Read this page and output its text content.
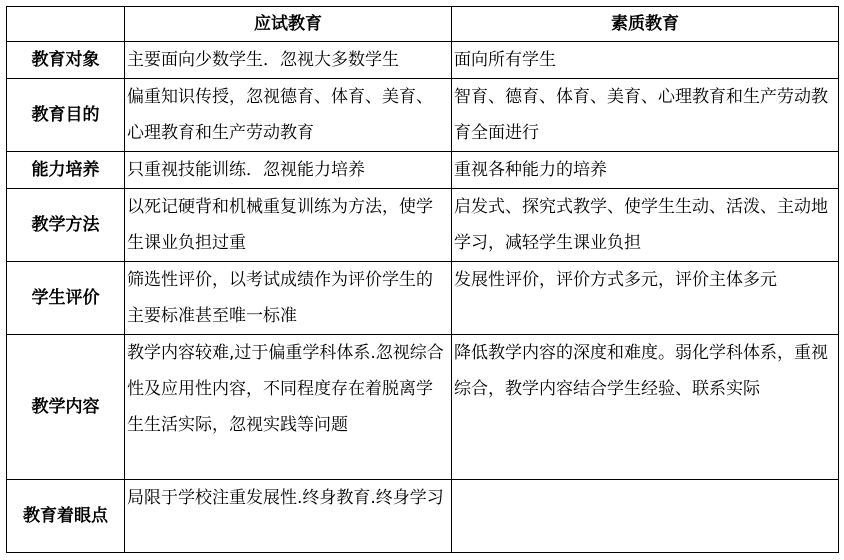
	应试教育	素质教育
教育对象	主要面向少数学生．忽视大多数学生	面向所有学生
教育目的	偏重知识传授，忽视德育、体育、美育、心理教育和生产劳动教育	智育、德育、体育、美育、心理教育和生产劳动教育全面进行
能力培养	只重视技能训练．忽视能力培养	重视各种能力的培养
教学方法	以死记硬背和机械重复训练为方法，使学生课业负担过重	启发式、探究式教学、使学生生动、活泼、主动地学习，减轻学生课业负担
学生评价	筛选性评价，以考试成绩作为评价学生的主要标准甚至唯一标准	发展性评价，评价方式多元，评价主体多元
教学内容	教学内容较难,过于偏重学科体系.忽视综合性及应用性内容，不同程度存在着脱离学生生活实际，忽视实践等问题	降低教学内容的深度和难度。弱化学科体系，重视综合，教学内容结合学生经验、联系实际
教育着眼点	局限于学校注重发展性.终身教育.终身学习	
